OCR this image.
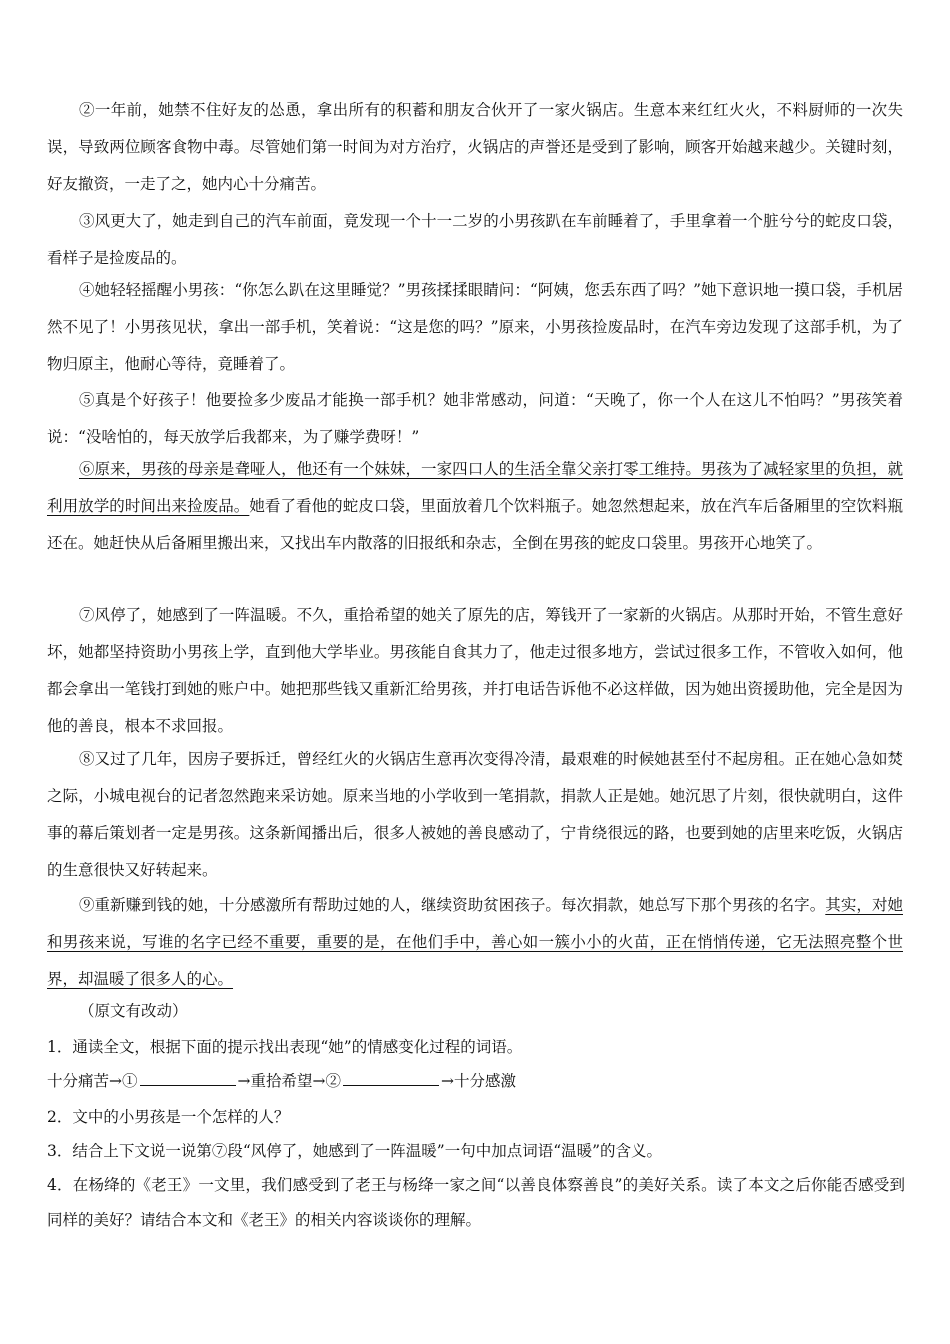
②一年前，她禁不住好友的怂恿，拿出所有的积蓄和朋友合伙开了一家火锅店。生意本来红红火火，不料厨师的一次失误，导致两位顾客食物中毒。尽管她们第一时间为对方治疗，火锅店的声誉还是受到了影响，顾客开始越来越少。关键时刻，好友撤资，一走了之，她内心十分痛苦。

③风更大了，她走到自己的汽车前面，竟发现一个十一二岁的小男孩趴在车前睡着了，手里拿着一个脏兮兮的蛇皮口袋，看样子是捡废品的。

④她轻轻摇醒小男孩：“你怎么趴在这里睡觉？”男孩揉揉眼睛问：“阿姨，您丢东西了吗？”她下意识地一摸口袋，手机居然不见了！小男孩见状，拿出一部手机，笑着说：“这是您的吗？”原来，小男孩捡废品时，在汽车旁边发现了这部手机，为了物归原主，他耐心等待，竟睡着了。

⑤真是个好孩子！他要捡多少废品才能换一部手机？她非常感动，问道：“天晚了，你一个人在这儿不怕吗？”男孩笑着说：“没啥怕的，每天放学后我都来，为了赚学费呀！”

⑥原来，男孩的母亲是聋哑人，他还有一个妹妹，一家四口人的生活全靠父亲打零工维持。男孩为了减轻家里的负担，就利用放学的时间出来捡废品。她看了看他的蛇皮口袋，里面放着几个饮料瓶子。她忽然想起来，放在汽车后备厢里的空饮料瓶还在。她赶快从后备厢里搬出来，又找出车内散落的旧报纸和杂志，全倒在男孩的蛇皮口袋里。男孩开心地笑了。

⑦风停了，她感到了一阵温暖。不久，重拾希望的她关了原先的店，筹钱开了一家新的火锅店。从那时开始，不管生意好坏，她都坚持资助小男孩上学，直到他大学毕业。男孩能自食其力了，他走过很多地方，尝试过很多工作，不管收入如何，他都会拿出一笔钱打到她的账户中。她把那些钱又重新汇给男孩，并打电话告诉他不必这样做，因为她出资援助他，完全是因为他的善良，根本不求回报。

⑧又过了几年，因房子要拆迁，曾经红火的火锅店生意再次变得冷清，最艰难的时候她甚至付不起房租。正在她心急如焚之际，小城电视台的记者忽然跑来采访她。原来当地的小学收到一笔捐款，捐款人正是她。她沉思了片刻，很快就明白，这件事的幕后策划者一定是男孩。这条新闻播出后，很多人被她的善良感动了，宁肯绕很远的路，也要到她的店里来吃饭，火锅店的生意很快又好转起来。

⑨重新赚到钱的她，十分感激所有帮助过她的人，继续资助贫困孩子。每次捐款，她总写下那个男孩的名字。其实，对她和男孩来说，写谁的名字已经不重要，重要的是，在他们手中，善心如一簇小小的火苗，正在悄悄传递，它无法照亮整个世界，却温暖了很多人的心。

（原文有改动）

1．通读全文，根据下面的提示找出表现“她”的情感变化过程的词语。

十分痛苦→①	→重拾希望→②	→十分感激

2．文中的小男孩是一个怎样的人？

3．结合上下文说一说第⑦段“风停了，她感到了一阵温暖”一句中加点词语“温暖”的含义。

4．在杨绛的《老王》一文里，我们感受到了老王与杨绛一家之间“以善良体察善良”的美好关系。读了本文之后你能否感受到同样的美好？请结合本文和《老王》的相关内容谈谈你的理解。
